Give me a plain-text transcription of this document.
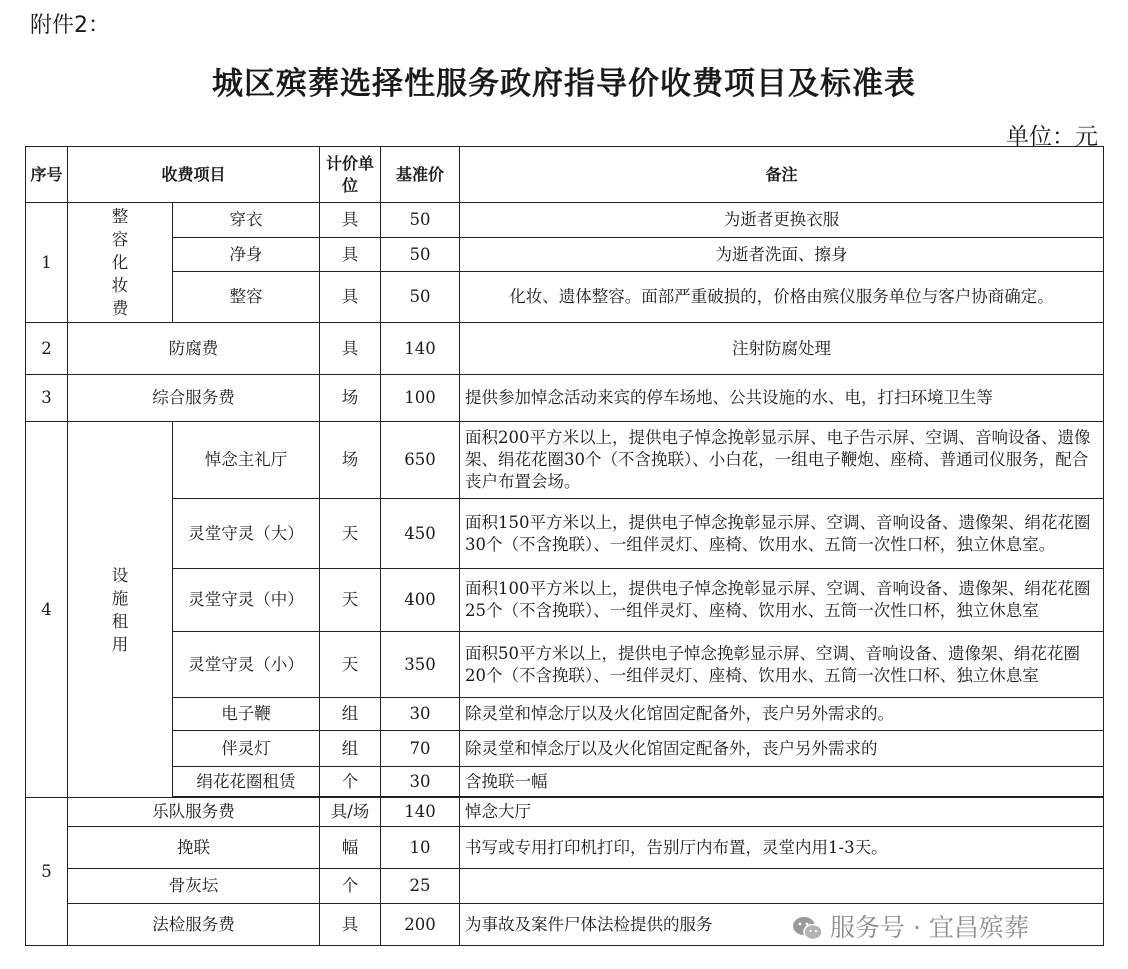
附件2：
城区殡葬选择性服务政府指导价收费项目及标准表
单位：元
序号	收费项目		计价单位	基准价	备注
1	整容化妆费	穿衣	具	50	为逝者更换衣服
		净身	具	50	为逝者洗面、擦身
		整容	具	50	化妆、遗体整容。面部严重破损的，价格由殡仪服务单位与客户协商确定。
2	防腐费		具	140	注射防腐处理
3	综合服务费		场	100	提供参加悼念活动来宾的停车场地、公共设施的水、电，打扫环境卫生等
4	设施租用	悼念主礼厅	场	650	面积200平方米以上，提供电子悼念挽彰显示屏、电子告示屏、空调、音响设备、遗像架、绢花花圈30个（不含挽联）、小白花，一组电子鞭炮、座椅、普通司仪服务，配合丧户布置会场。

		灵堂守灵（大）	天	450	面积150平方米以上，提供电子悼念挽彰显示屏、空调、音响设备、遗像架、绢花花圈30个（不含挽联）、一组伴灵灯、座椅、饮用水、五筒一次性口杯，独立休息室。

		灵堂守灵（中）	天	400	面积100平方米以上，提供电子悼念挽彰显示屏、空调、音响设备、遗像架、绢花花圈25个（不含挽联）、一组伴灵灯、座椅、饮用水、五筒一次性口杯，独立休息室

		灵堂守灵（小）	天	350	面积50平方米以上，提供电子悼念挽彰显示屏、空调、音响设备、遗像架、绢花花圈20个（不含挽联）、一组伴灵灯、座椅、饮用水、五筒一次性口杯、独立休息室

		电子鞭	组	30	除灵堂和悼念厅以及火化馆固定配备外，丧户另外需求的。
		伴灵灯	组	70	除灵堂和悼念厅以及火化馆固定配备外，丧户另外需求的
		绢花花圈租赁	个	30	含挽联一幅

5	乐队服务费		具/场	140	悼念大厅
	挽联		幅	10	书写或专用打印机打印，告别厅内布置，灵堂内用1-3天。
	骨灰坛		个	25	
	法检服务费		具	200	为事故及案件尸体法检提供的服务	服务号 · 宜昌殡葬
